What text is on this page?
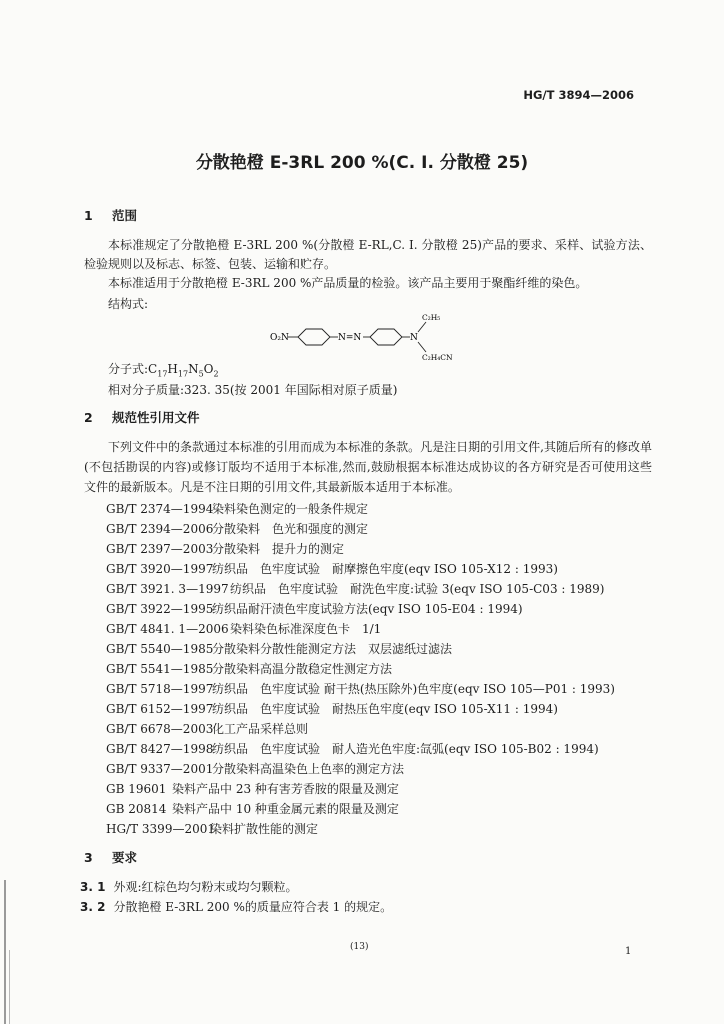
HG/T 3894—2006
分散艳橙 E-3RL 200 %(C. I. 分散橙 25)
1 范围
本标准规定了分散艳橙 E-3RL 200 %(分散橙 E-RL,C. I. 分散橙 25)产品的要求、采样、试验方法、检验规则以及标志、标签、包装、运输和贮存。
本标准适用于分散艳橙 E-3RL 200 %产品质量的检验。该产品主要用于聚酯纤维的染色。
结构式:
O₂N	N=N	N
C₂H₅
C₂H₄CN
分子式$:C_{17}H_{17}N_5O_2$
相对分子质量:323. 35(按 2001 年国际相对原子质量)
2 规范性引用文件
下列文件中的条款通过本标准的引用而成为本标准的条款。凡是注日期的引用文件,其随后所有的修改单(不包括勘误的内容)或修订版均不适用于本标准,然而,鼓励根据本标准达成协议的各方研究是否可使用这些文件的最新版本。凡是不注日期的引用文件,其最新版本适用于本标准。
GB/T 2374—1994染料染色测定的一般条件规定
GB/T 2394—2006分散染料　色光和强度的测定
GB/T 2397—2003分散染料　提升力的测定
GB/T 3920—1997纺织品　色牢度试验　耐摩擦色牢度(eqv ISO 105-X12 : 1993)
GB/T 3921. 3—1997纺织品　色牢度试验　耐洗色牢度:试验 3(eqv ISO 105-C03 : 1989)
GB/T 3922—1995纺织品耐汗渍色牢度试验方法(eqv ISO 105-E04 : 1994)
GB/T 4841. 1—2006染料染色标准深度色卡　1/1
GB/T 5540—1985分散染料分散性能测定方法　双层滤纸过滤法
GB/T 5541—1985分散染料高温分散稳定性测定方法
GB/T 5718—1997纺织品　色牢度试验 耐干热(热压除外)色牢度(eqv ISO 105—P01 : 1993)
GB/T 6152—1997纺织品　色牢度试验　耐热压色牢度(eqv ISO 105-X11 : 1994)
GB/T 6678—2003化工产品采样总则
GB/T 8427—1998纺织品　色牢度试验　耐人造光色牢度:氙弧(eqv ISO 105-B02 : 1994)
GB/T 9337—2001分散染料高温染色上色率的测定方法
GB 19601 染料产品中 23 种有害芳香胺的限量及测定
GB 20814 染料产品中 10 种重金属元素的限量及测定
HG/T 3399—2001染料扩散性能的测定
3 要求
3. 1 外观:红棕色均匀粉末或均匀颗粒。
3. 2 分散艳橙 E-3RL 200 %的质量应符合表 1 的规定。
(13)	1
